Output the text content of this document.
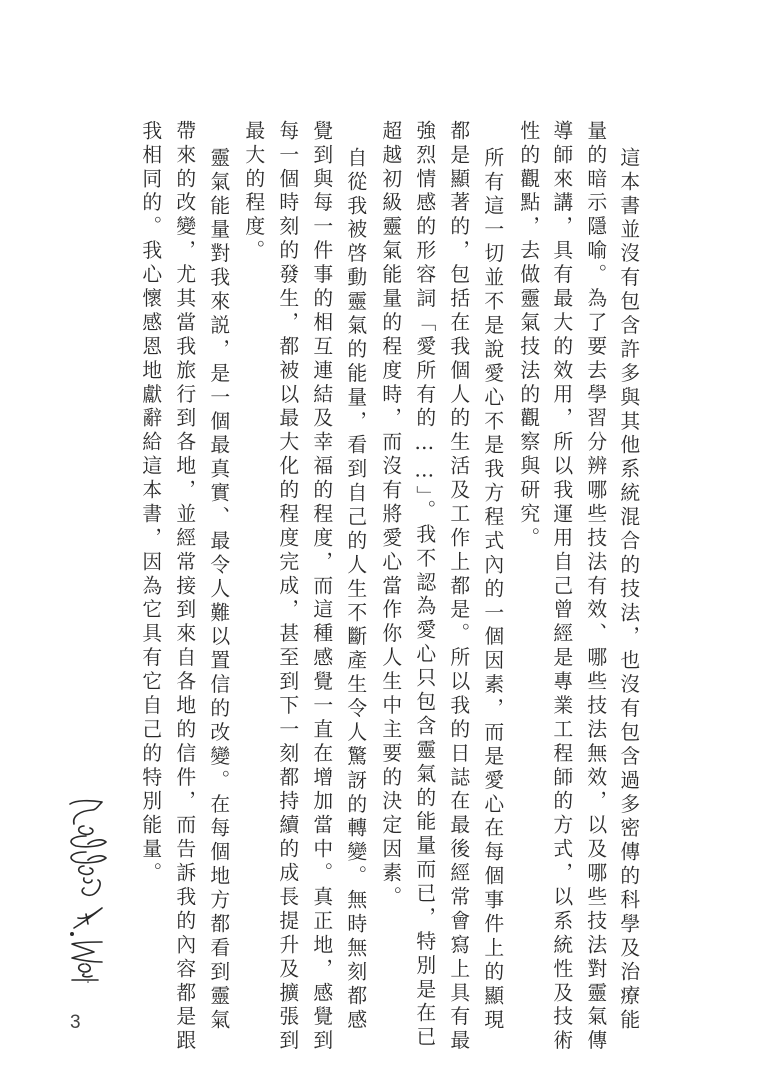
這本書並沒有包含許多與其他系統混合的技法，也沒有包含過多密傳的科學及治療能
量的暗示隱喻。為了要去學習分辨哪些技法有效、哪些技法無效，以及哪些技法對靈氣傳
導師來講，具有最大的效用，所以我運用自己曾經是專業工程師的方式，以系統性及技術
性的觀點，去做靈氣技法的觀察與研究。
所有這一切並不是說愛心不是我方程式內的一個因素，而是愛心在每個事件上的顯現
都是顯著的，包括在我個人的生活及工作上都是。所以我的日誌在最後經常會寫上具有最
強烈情感的形容詞「愛所有的……」。我不認為愛心只包含靈氣的能量而已，特別是在已
超越初級靈氣能量的程度時，而沒有將愛心當作你人生中主要的決定因素。
自從我被啓動靈氣的能量，看到自己的人生不斷產生令人驚訝的轉變。無時無刻都感
覺到與每一件事的相互連結及幸福的程度，而這種感覺一直在增加當中。真正地，感覺到
每一個時刻的發生，都被以最大化的程度完成，甚至到下一刻都持續的成長提升及擴張到
最大的程度。
靈氣能量對我來説，是一個最真實、最令人難以置信的改變。在每個地方都看到靈氣
帶來的改變，尤其當我旅行到各地，並經常接到來自各地的信件，而告訴我的內容都是跟
我相同的。我心懷感恩地獻辭給這本書，因為它具有它自己的特別能量。
3
